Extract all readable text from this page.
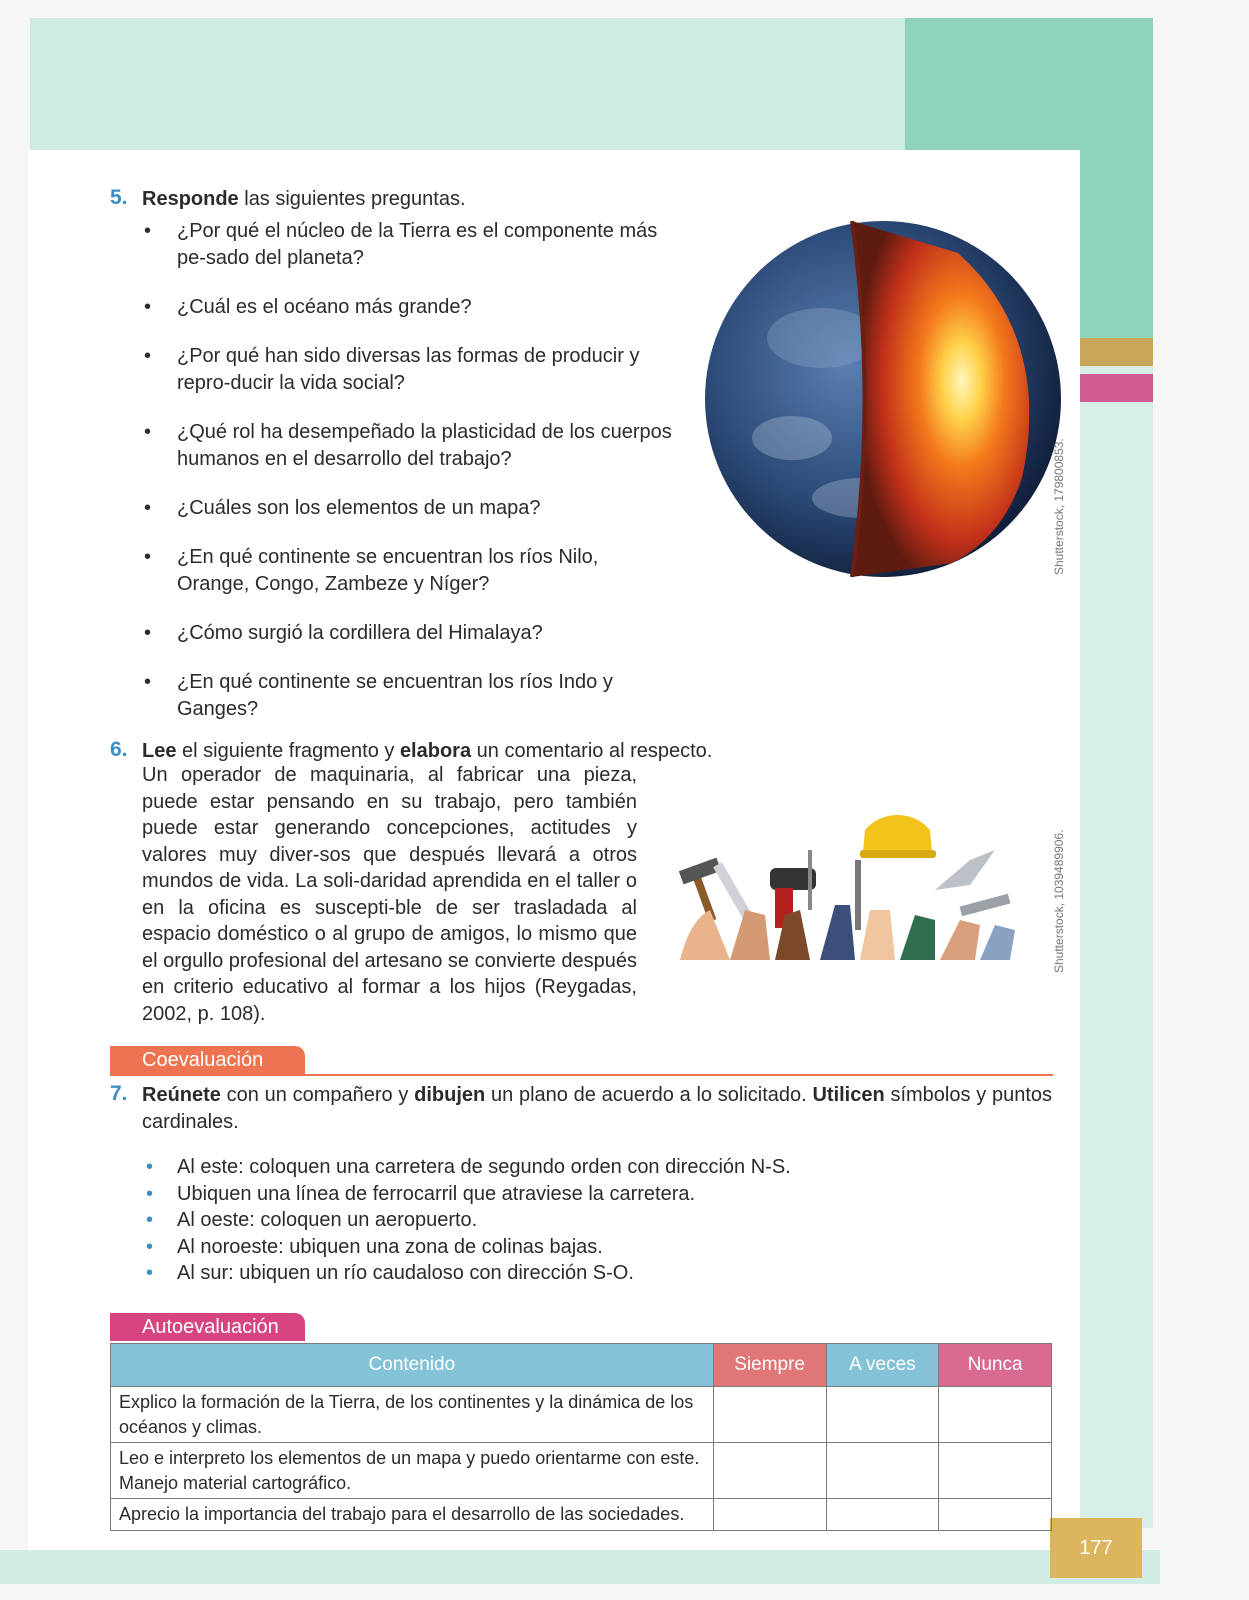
177
5. Responde las siguientes preguntas.
• ¿Por qué el núcleo de la Tierra es el componente más pe-sado del planeta?
• ¿Cuál es el océano más grande?
• ¿Por qué han sido diversas las formas de producir y repro-ducir la vida social?
• ¿Qué rol ha desempeñado la plasticidad de los cuerpos humanos en el desarrollo del trabajo?
• ¿Cuáles son los elementos de un mapa?
• ¿En qué continente se encuentran los ríos Nilo, Orange, Congo, Zambeze y Níger?
• ¿Cómo surgió la cordillera del Himalaya?
• ¿En qué continente se encuentran los ríos Indo y Ganges?
Shutterstock, 179800853.
6. Lee el siguiente fragmento y elabora un comentario al respecto.
Un operador de maquinaria, al fabricar una pieza, puede estar pensando en su trabajo, pero también puede estar generando concepciones, actitudes y valores muy diver-sos que después llevará a otros mundos de vida. La soli-daridad aprendida en el taller o en la oficina es suscepti-ble de ser trasladada al espacio doméstico o al grupo de amigos, lo mismo que el orgullo profesional del artesano se convierte después en criterio educativo al formar a los hijos (Reygadas, 2002, p. 108).
Shutterstock, 1039489906.
Coevaluación
7. Reúnete con un compañero y dibujen un plano de acuerdo a lo solicitado. Utilicen símbolos y puntos cardinales.
• Al este: coloquen una carretera de segundo orden con dirección N-S.
• Ubiquen una línea de ferrocarril que atraviese la carretera.
• Al oeste: coloquen un aeropuerto.
• Al noroeste: ubiquen una zona de colinas bajas.
• Al sur: ubiquen un río caudaloso con dirección S-O.
Autoevaluación
Contenido	Siempre	A veces	Nunca
Explico la formación de la Tierra, de los continentes y la dinámica de los océanos y climas.			
Leo e interpreto los elementos de un mapa y puedo orientarme con este. Manejo material cartográfico.			
Aprecio la importancia del trabajo para el desarrollo de las sociedades.			
